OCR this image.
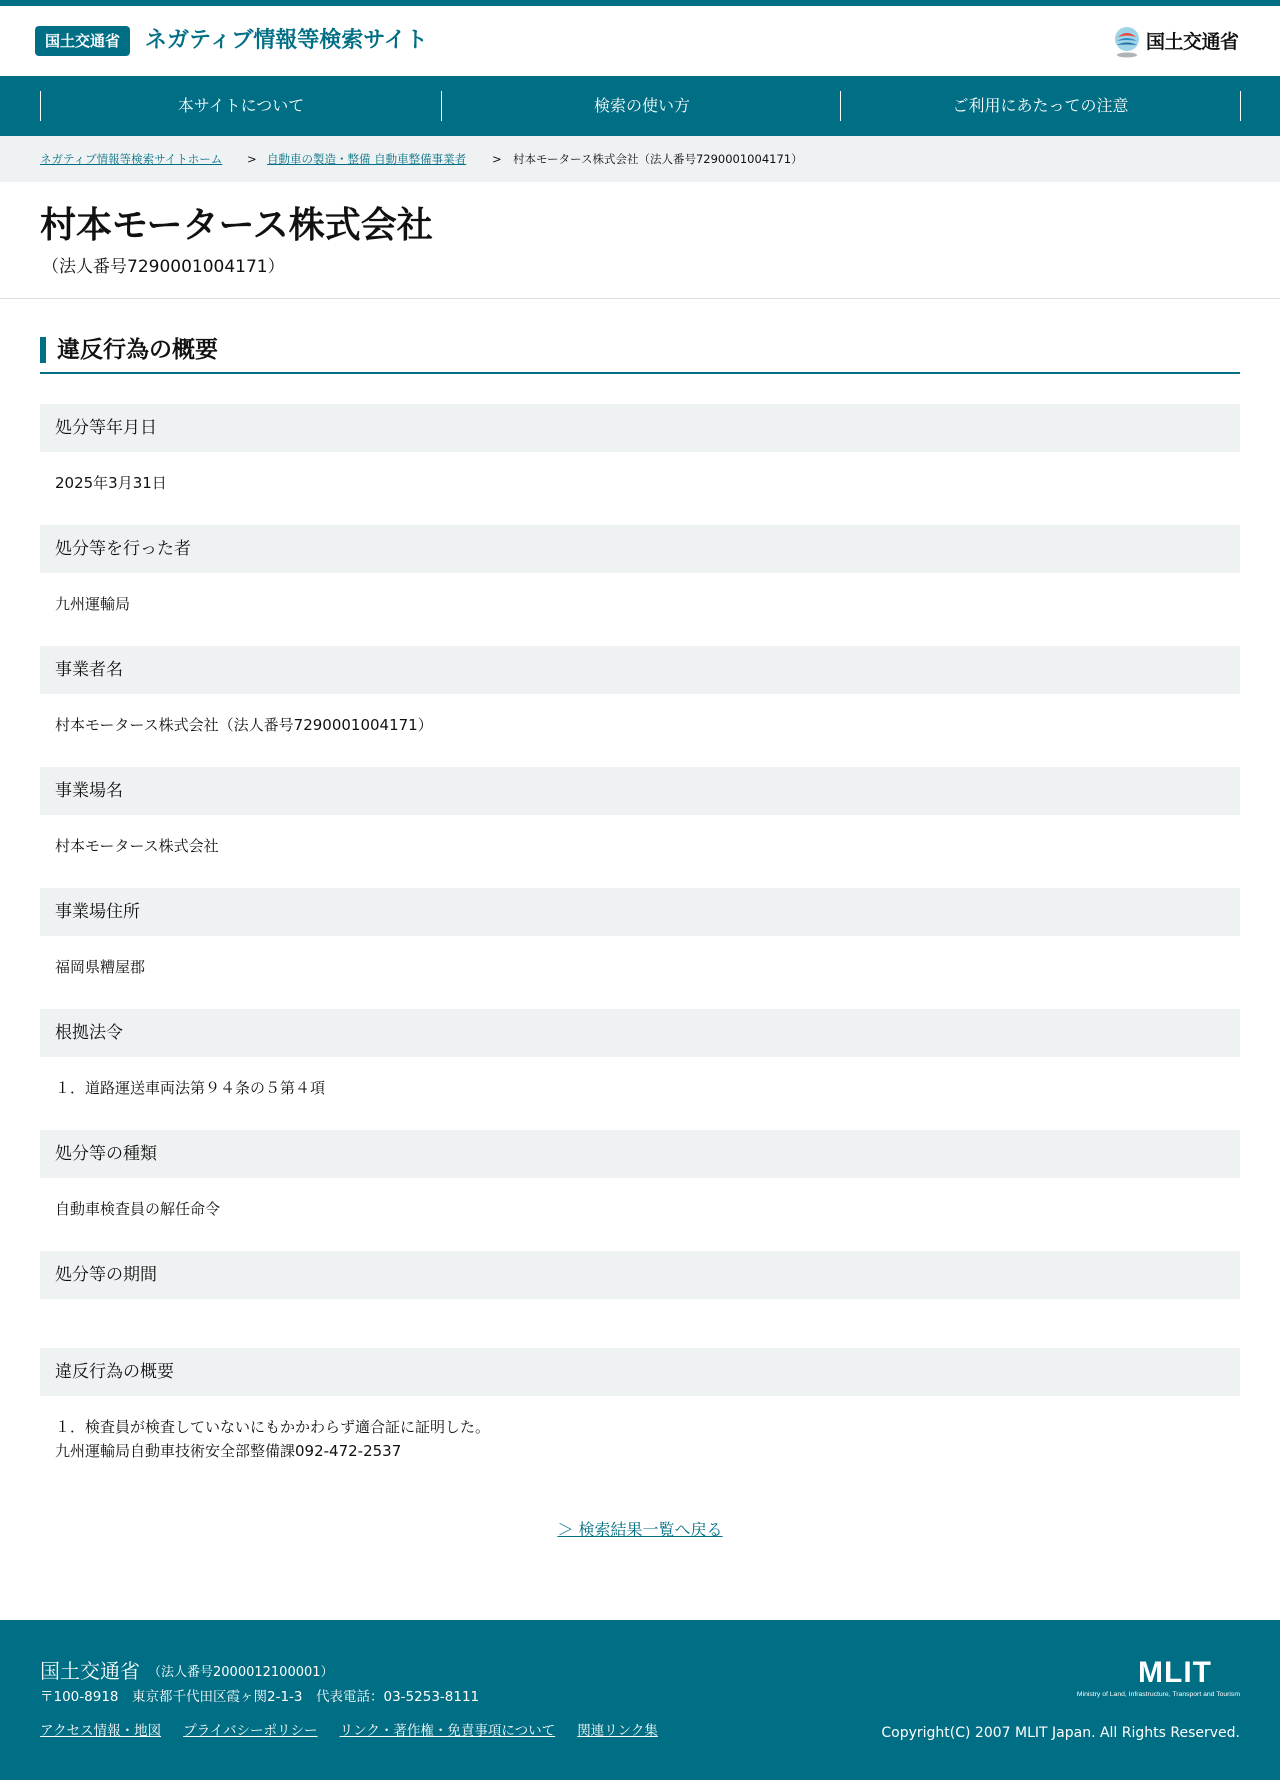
国土交通省	ネガティブ情報等検索サイト	国土交通省
本サイトについて	検索の使い方	ご利用にあたっての注意
ネガティブ情報等検索サイトホーム > 自動車の製造・整備 自動車整備事業者 > 村本モータース株式会社（法人番号7290001004171）
村本モータース株式会社
（法人番号7290001004171）
違反行為の概要
処分等年月日
2025年3月31日
処分等を行った者
九州運輸局
事業者名
村本モータース株式会社（法人番号7290001004171）
事業場名
村本モータース株式会社
事業場住所
福岡県糟屋郡
根拠法令
１．道路運送車両法第９４条の５第４項
処分等の種類
自動車検査員の解任命令
処分等の期間
違反行為の概要
１．検査員が検査していないにもかかわらず適合証に証明した。
九州運輸局自動車技術安全部整備課092-472-2537
＞ 検索結果一覧へ戻る
国土交通省 （法人番号2000012100001）
〒100-8918　東京都千代田区霞ヶ関2-1-3　代表電話：03-5253-8111
アクセス情報・地図 プライバシーポリシー リンク・著作権・免責事項について 関連リンク集
MLIT
Ministry of Land, Infrastructure, Transport and Tourism
Copyright(C) 2007 MLIT Japan. All Rights Reserved.
